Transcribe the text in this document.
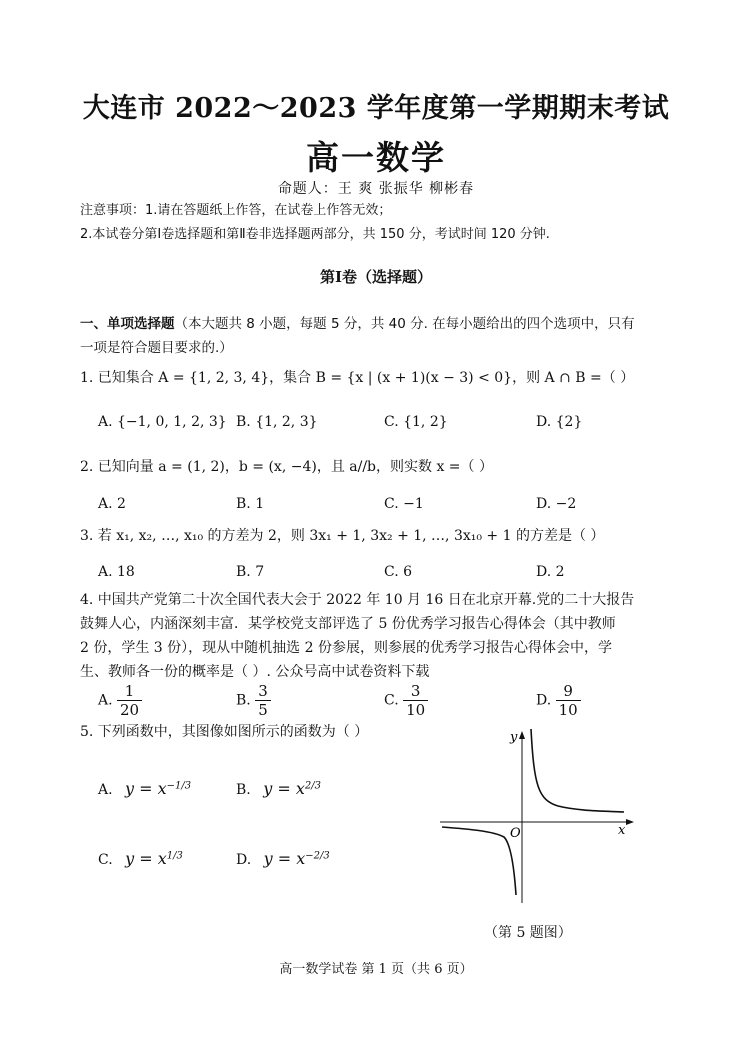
大连市 2022～2023 学年度第一学期期末考试
高一数学
命题人：王 爽 张振华 柳彬春
注意事项：1.请在答题纸上作答，在试卷上作答无效；
2.本试卷分第Ⅰ卷选择题和第Ⅱ卷非选择题两部分，共 150 分，考试时间 120 分钟.
第Ⅰ卷（选择题）
一、单项选择题（本大题共 8 小题，每题 5 分，共 40 分. 在每小题给出的四个选项中，只有
一项是符合题目要求的.）
1. 已知集合 A = {1, 2, 3, 4}，集合 B = {x | (x + 1)(x − 3) < 0}，则 A ∩ B =（ ）
A. {−1, 0, 1, 2, 3} B. {1, 2, 3}	C. {1, 2}	D. {2}
2. 已知向量 a = (1, 2)，b = (x, −4)，且 a//b，则实数 x =（ ）
A. 2	B. 1	C. −1	D. −2
3. 若 x₁, x₂, …, x₁₀ 的方差为 2，则 3x₁ + 1, 3x₂ + 1, …, 3x₁₀ + 1 的方差是（ ）
A. 18	B. 7	C. 6	D. 2
4. 中国共产党第二十次全国代表大会于 2022 年 10 月 16 日在北京开幕.党的二十大报告
鼓舞人心，内涵深刻丰富．某学校党支部评选了 5 份优秀学习报告心得体会（其中教师
2 份，学生 3 份），现从中随机抽选 2 份参展，则参展的优秀学习报告心得体会中，学
生、教师各一份的概率是（ ）. 公众号高中试卷资料下载
A. $\frac{1}{20}$	B. $\frac{3}{5}$	C. $\frac{3}{10}$	D. $\frac{9}{10}$
5. 下列函数中，其图像如图所示的函数为（ ）
A. $y = x^{-1/3}$	B. $y = x^{2/3}$
C. $y = x^{1/3}$	D. $y = x^{-2/3}$
y
x
O
（第 5 题图）
高一数学试卷 第 1 页（共 6 页）
